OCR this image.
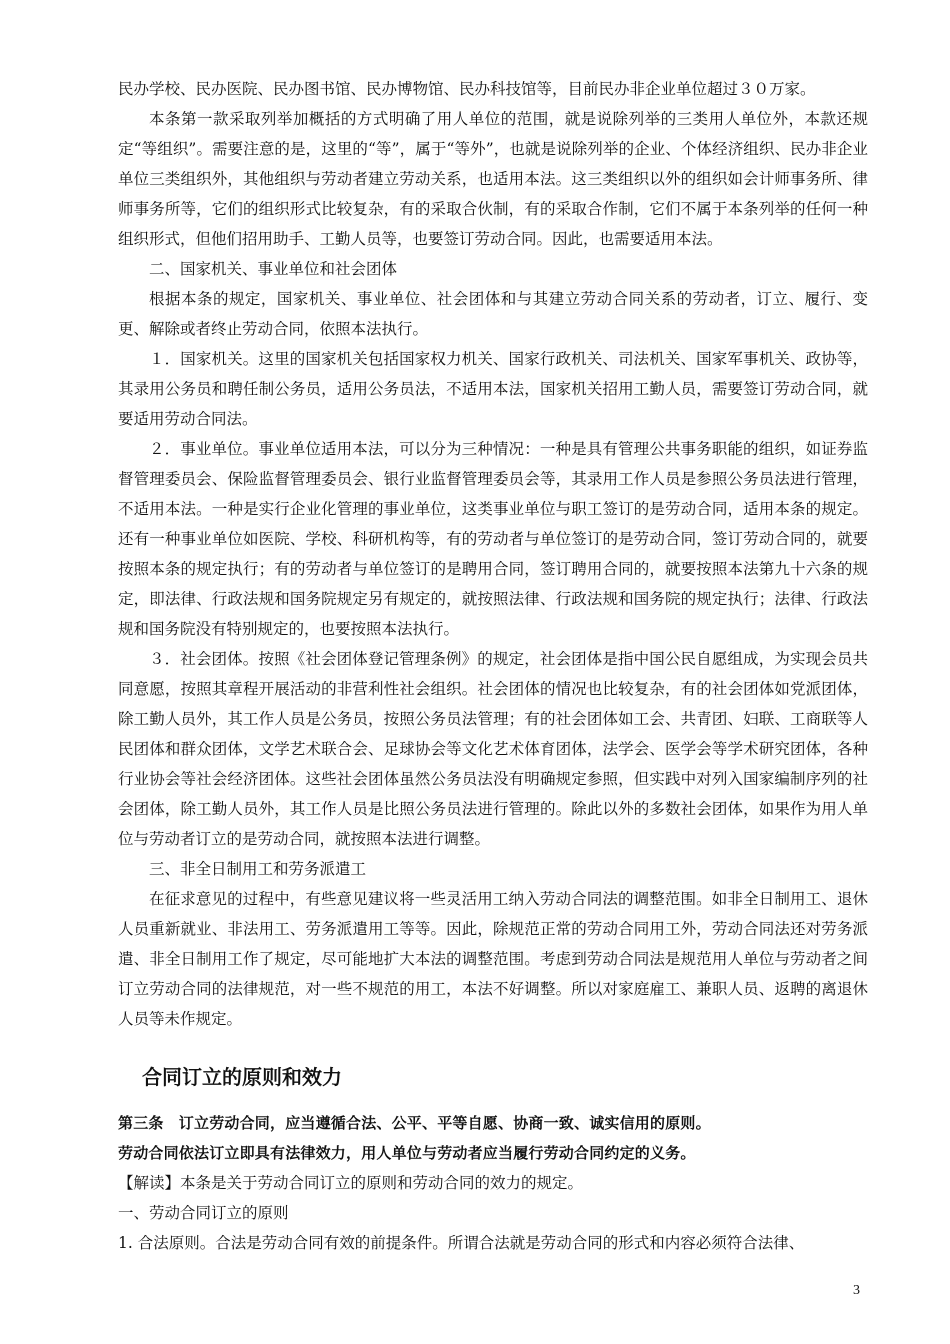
民办学校、民办医院、民办图书馆、民办博物馆、民办科技馆等，目前民办非企业单位超过３０万家。

本条第一款采取列举加概括的方式明确了用人单位的范围，就是说除列举的三类用人单位外，本款还规定“等组织”。需要注意的是，这里的“等”，属于“等外”，也就是说除列举的企业、个体经济组织、民办非企业单位三类组织外，其他组织与劳动者建立劳动关系，也适用本法。这三类组织以外的组织如会计师事务所、律师事务所等，它们的组织形式比较复杂，有的采取合伙制，有的采取合作制，它们不属于本条列举的任何一种组织形式，但他们招用助手、工勤人员等，也要签订劳动合同。因此，也需要适用本法。

二、国家机关、事业单位和社会团体

根据本条的规定，国家机关、事业单位、社会团体和与其建立劳动合同关系的劳动者，订立、履行、变更、解除或者终止劳动合同，依照本法执行。

１．国家机关。这里的国家机关包括国家权力机关、国家行政机关、司法机关、国家军事机关、政协等，其录用公务员和聘任制公务员，适用公务员法，不适用本法，国家机关招用工勤人员，需要签订劳动合同，就要适用劳动合同法。

２．事业单位。事业单位适用本法，可以分为三种情况：一种是具有管理公共事务职能的组织，如证券监督管理委员会、保险监督管理委员会、银行业监督管理委员会等，其录用工作人员是参照公务员法进行管理，不适用本法。一种是实行企业化管理的事业单位，这类事业单位与职工签订的是劳动合同，适用本条的规定。还有一种事业单位如医院、学校、科研机构等，有的劳动者与单位签订的是劳动合同，签订劳动合同的，就要按照本条的规定执行；有的劳动者与单位签订的是聘用合同，签订聘用合同的，就要按照本法第九十六条的规定，即法律、行政法规和国务院规定另有规定的，就按照法律、行政法规和国务院的规定执行；法律、行政法规和国务院没有特别规定的，也要按照本法执行。

３．社会团体。按照《社会团体登记管理条例》的规定，社会团体是指中国公民自愿组成，为实现会员共同意愿，按照其章程开展活动的非营利性社会组织。社会团体的情况也比较复杂，有的社会团体如党派团体，除工勤人员外，其工作人员是公务员，按照公务员法管理；有的社会团体如工会、共青团、妇联、工商联等人民团体和群众团体，文学艺术联合会、足球协会等文化艺术体育团体，法学会、医学会等学术研究团体，各种行业协会等社会经济团体。这些社会团体虽然公务员法没有明确规定参照，但实践中对列入国家编制序列的社会团体，除工勤人员外，其工作人员是比照公务员法进行管理的。除此以外的多数社会团体，如果作为用人单位与劳动者订立的是劳动合同，就按照本法进行调整。

三、非全日制用工和劳务派遣工

在征求意见的过程中，有些意见建议将一些灵活用工纳入劳动合同法的调整范围。如非全日制用工、退休人员重新就业、非法用工、劳务派遣用工等等。因此，除规范正常的劳动合同用工外，劳动合同法还对劳务派遣、非全日制用工作了规定，尽可能地扩大本法的调整范围。考虑到劳动合同法是规范用人单位与劳动者之间订立劳动合同的法律规范，对一些不规范的用工，本法不好调整。所以对家庭雇工、兼职人员、返聘的离退休人员等未作规定。

合同订立的原则和效力

第三条　订立劳动合同，应当遵循合法、公平、平等自愿、协商一致、诚实信用的原则。

劳动合同依法订立即具有法律效力，用人单位与劳动者应当履行劳动合同约定的义务。

【解读】本条是关于劳动合同订立的原则和劳动合同的效力的规定。

一、劳动合同订立的原则

1. 合法原则。合法是劳动合同有效的前提条件。所谓合法就是劳动合同的形式和内容必须符合法律、

3
